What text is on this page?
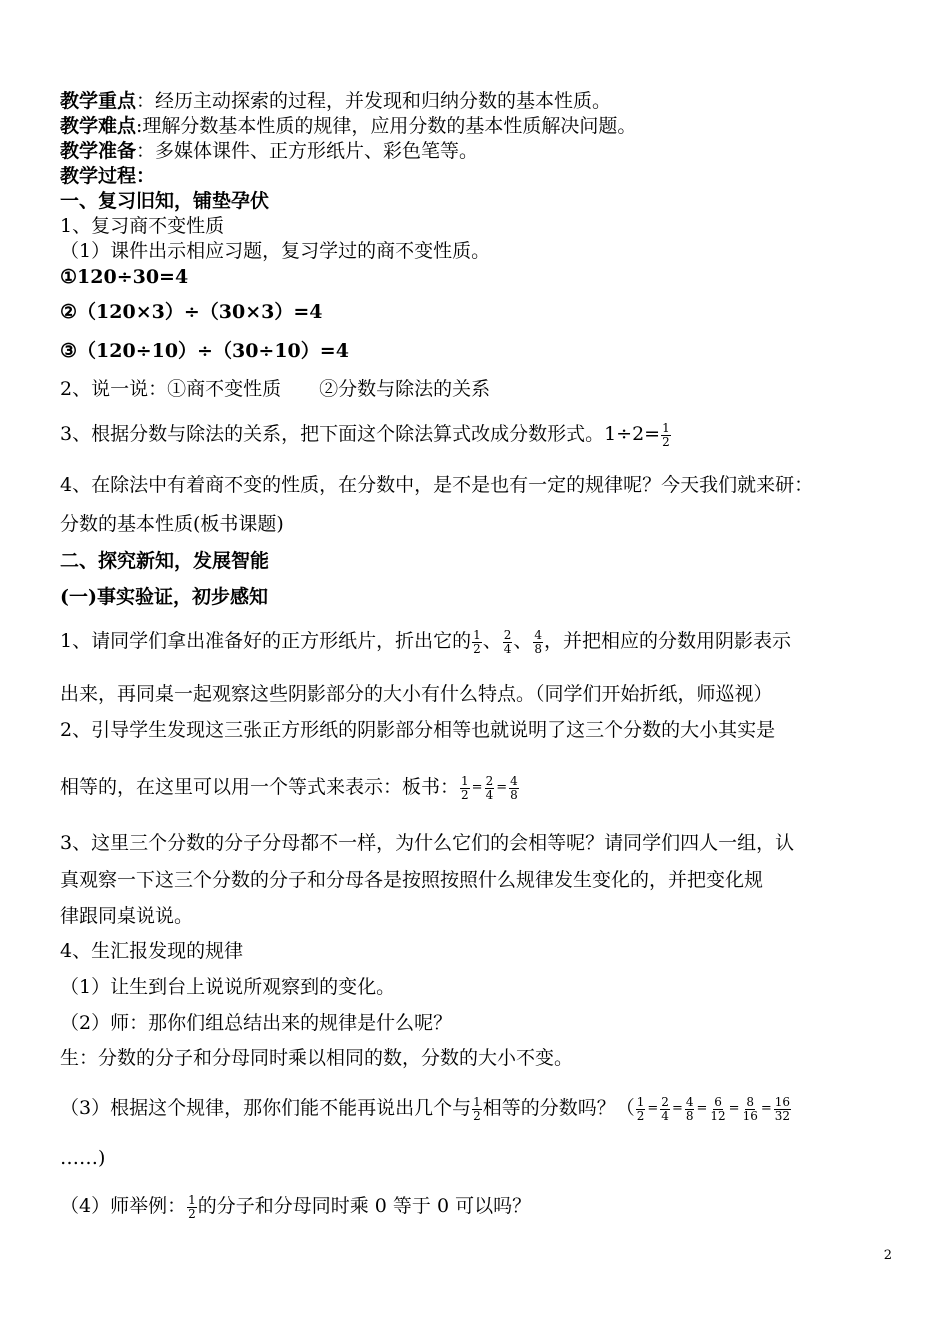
教学重点：经历主动探索的过程，并发现和归纳分数的基本性质。
教学难点:理解分数基本性质的规律，应用分数的基本性质解决问题。
教学准备：多媒体课件、正方形纸片、彩色笔等。
教学过程：
一、复习旧知，铺垫孕伏
1、复习商不变性质
（1）课件出示相应习题，复习学过的商不变性质。
①120÷30=4
②（120×3）÷（30×3）=4
③（120÷10）÷（30÷10）=4
2、说一说：①商不变性质　　②分数与除法的关系
3、根据分数与除法的关系，把下面这个除法算式改成分数形式。$1\div 2= \frac{1}{2}$
4、在除法中有着商不变的性质，在分数中，是不是也有一定的规律呢？今天我们就来研：
分数的基本性质(板书课题)
二、探究新知，发展智能
(一)事实验证，初步感知
1、请同学们拿出准备好的正方形纸片，折出它的 $\frac{1}{2}$ 、 $\frac{2}{4}$ 、 $\frac{4}{8}$ ，并把相应的分数用阴影表示
出来，再同桌一起观察这些阴影部分的大小有什么特点。（同学们开始折纸，师巡视）
2、引导学生发现这三张正方形纸的阴影部分相等也就说明了这三个分数的大小其实是
相等的，在这里可以用一个等式来表示：板书： $\frac{1}{2} = \frac{2}{4} = \frac{4}{8}$
3、这里三个分数的分子分母都不一样，为什么它们的会相等呢？请同学们四人一组，认
真观察一下这三个分数的分子和分母各是按照按照什么规律发生变化的，并把变化规
律跟同桌说说。
4、生汇报发现的规律
（1）让生到台上说说所观察到的变化。
（2）师：那你们组总结出来的规律是什么呢？
生：分数的分子和分母同时乘以相同的数，分数的大小不变。
（3）根据这个规律，那你们能不能再说出几个与 $\frac{1}{2}$ 相等的分数吗？（ $\frac{1}{2} = \frac{2}{4} = \frac{4}{8} = \frac{6}{12} = \frac{8}{16} = \frac{16}{32}$
……)
（4）师举例： $\frac{1}{2}$ 的分子和分母同时乘 0 等于 0 可以吗？
2
